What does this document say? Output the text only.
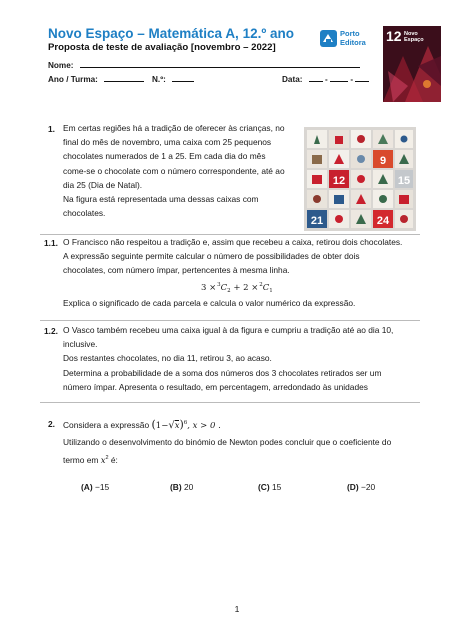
Novo Espaço – Matemática A, 12.º ano
Proposta de teste de avaliação [novembro – 2022]
Porto
Editora 12 Novo
Espaço
Nome:
Ano / Turma:	N.º:	Data:	-	-
1. Em certas regiões há a tradição de oferecer às crianças, no

final do mês de novembro, uma caixa com 25 pequenos

chocolates numerados de 1 a 25. Em cada dia do mês

come-se o chocolate com o número correspondente, até ao

dia 25 (Dia de Natal).

Na figura está representada uma dessas caixas com

chocolates.

9
12	15
21	24
1.1. O Francisco não respeitou a tradição e, assim que recebeu a caixa, retirou dois chocolates.

A expressão seguinte permite calcular o número de possibilidades de obter dois

chocolates, com número ímpar, pertencentes à mesma linha.

3 × $^3C_2 + 2$ × $^2C_1$
Explica o significado de cada parcela e calcula o valor numérico da expressão.
1.2. O Vasco também recebeu uma caixa igual à da figura e cumpriu a tradição até ao dia 10,

inclusive.

Dos restantes chocolates, no dia 11, retirou 3, ao acaso.

Determina a probabilidade de a soma dos números dos 3 chocolates retirados ser um

número ímpar. Apresenta o resultado, em percentagem, arredondado às unidades

2. Considera a expressão $(1-√x)^6$, x > 0 .
Utilizando o desenvolvimento do binómio de Newton podes concluir que o coeficiente do
termo em $x^2$ é:
(A) −15	(B) 20	(C) 15	(D) −20
1
